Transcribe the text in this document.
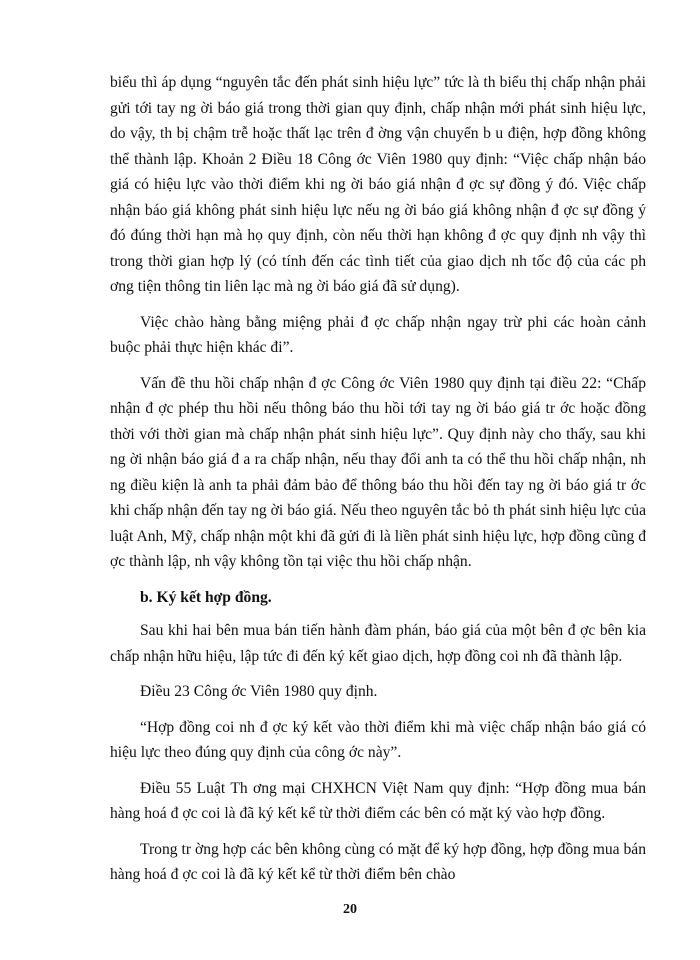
biểu thì áp dụng “nguyên tắc đến phát sinh hiệu lực” tức là th biểu thị chấp nhận phải gửi tới tay ng ời báo giá trong thời gian quy định, chấp nhận mới phát sinh hiệu lực, do vậy, th bị chậm trễ hoặc thất lạc trên đ ờng vận chuyển b u điện, hợp đồng không thể thành lập. Khoản 2 Điều 18 Công ớc Viên 1980 quy định: “Việc chấp nhận báo giá có hiệu lực vào thời điểm khi ng ời báo giá nhận đ ợc sự đồng ý đó. Việc chấp nhận báo giá không phát sinh hiệu lực nếu ng ời báo giá không nhận đ ợc sự đồng ý đó đúng thời hạn mà họ quy định, còn nếu thời hạn không đ ợc quy định nh vậy thì trong thời gian hợp lý (có tính đến các tình tiết của giao dịch nh tốc độ của các ph ơng tiện thông tin liên lạc mà ng ời báo giá đã sử dụng).

Việc chào hàng bằng miệng phải đ ợc chấp nhận ngay trừ phi các hoàn cảnh buộc phải thực hiện khác đi”.

Vấn đề thu hồi chấp nhận đ ợc Công ớc Viên 1980 quy định tại điều 22: “Chấp nhận đ ợc phép thu hồi nếu thông báo thu hồi tới tay ng ời báo giá tr ớc hoặc đồng thời với thời gian mà chấp nhận phát sinh hiệu lực”. Quy định này cho thấy, sau khi ng ời nhận báo giá đ a ra chấp nhận, nếu thay đổi anh ta có thể thu hồi chấp nhận, nh ng điều kiện là anh ta phải đảm bảo để thông báo thu hồi đến tay ng ời báo giá tr ớc khi chấp nhận đến tay ng ời báo giá. Nếu theo nguyên tắc bỏ th phát sinh hiệu lực của luật Anh, Mỹ, chấp nhận một khi đã gửi đi là liền phát sinh hiệu lực, hợp đồng cũng đ ợc thành lập, nh vậy không tồn tại việc thu hồi chấp nhận.

b. Ký kết hợp đồng.

Sau khi hai bên mua bán tiến hành đàm phán, báo giá của một bên đ ợc bên kia chấp nhận hữu hiệu, lập tức đi đến ký kết giao dịch, hợp đồng coi nh đã thành lập.

Điều 23 Công ớc Viên 1980 quy định.

“Hợp đồng coi nh đ ợc ký kết vào thời điểm khi mà việc chấp nhận báo giá có hiệu lực theo đúng quy định của công ớc này”.

Điều 55 Luật Th ơng mại CHXHCN Việt Nam quy định: “Hợp đồng mua bán hàng hoá đ ợc coi là đã ký kết kể từ thời điểm các bên có mặt ký vào hợp đồng.

Trong tr ờng hợp các bên không cùng có mặt để ký hợp đồng, hợp đồng mua bán hàng hoá đ ợc coi là đã ký kết kể từ thời điểm bên chào

20
